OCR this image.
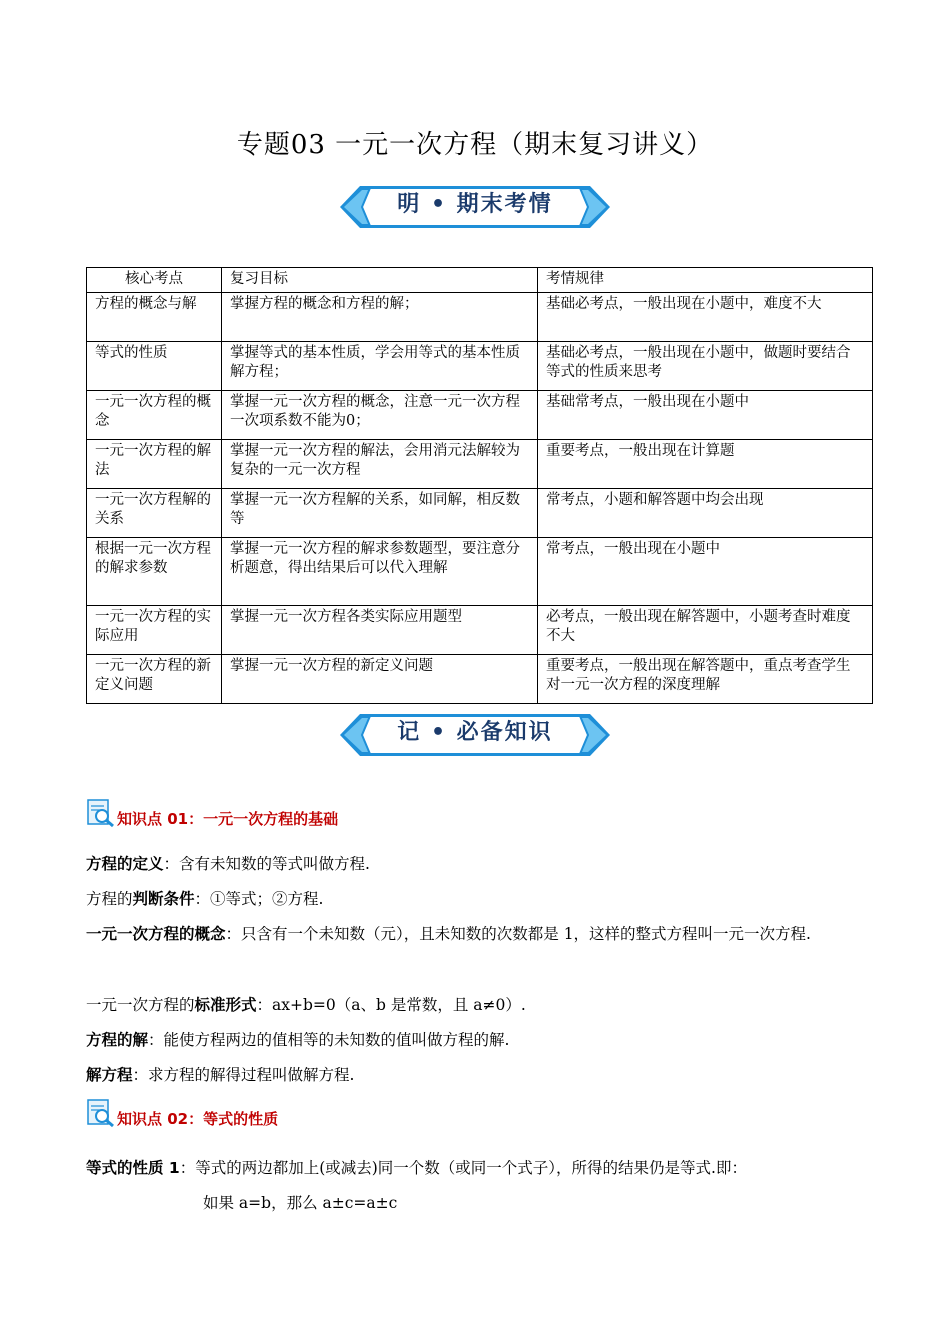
专题03 一元一次方程（期末复习讲义）
明 • 期末考情
核心考点	复习目标	考情规律
方程的概念与解	掌握方程的概念和方程的解；	基础必考点，一般出现在小题中，难度不大
等式的性质	掌握等式的基本性质，学会用等式的基本性质解方程；	基础必考点，一般出现在小题中，做题时要结合等式的性质来思考
一元一次方程的概念	掌握一元一次方程的概念，注意一元一次方程一次项系数不能为0；	基础常考点，一般出现在小题中
一元一次方程的解法	掌握一元一次方程的解法，会用消元法解较为复杂的一元一次方程	重要考点，一般出现在计算题
一元一次方程解的关系	掌握一元一次方程解的关系，如同解，相反数等	常考点，小题和解答题中均会出现
根据一元一次方程的解求参数	掌握一元一次方程的解求参数题型，要注意分析题意，得出结果后可以代入理解	常考点，一般出现在小题中
一元一次方程的实际应用	掌握一元一次方程各类实际应用题型	必考点，一般出现在解答题中，小题考查时难度不大
一元一次方程的新定义问题	掌握一元一次方程的新定义问题	重要考点，一般出现在解答题中，重点考查学生对一元一次方程的深度理解
记 • 必备知识
知识点 01：一元一次方程的基础
方程的定义：含有未知数的等式叫做方程.
方程的判断条件：①等式；②方程.
一元一次方程的概念：只含有一个未知数（元），且未知数的次数都是 1，这样的整式方程叫一元一次方程.
一元一次方程的标准形式：ax+b=0（a、b 是常数，且 a≠0）.
方程的解：能使方程两边的值相等的未知数的值叫做方程的解.
解方程：求方程的解得过程叫做解方程.
知识点 02：等式的性质
等式的性质 1：等式的两边都加上(或减去)同一个数（或同一个式子），所得的结果仍是等式.即：
如果 a=b，那么 a±c=a±c
